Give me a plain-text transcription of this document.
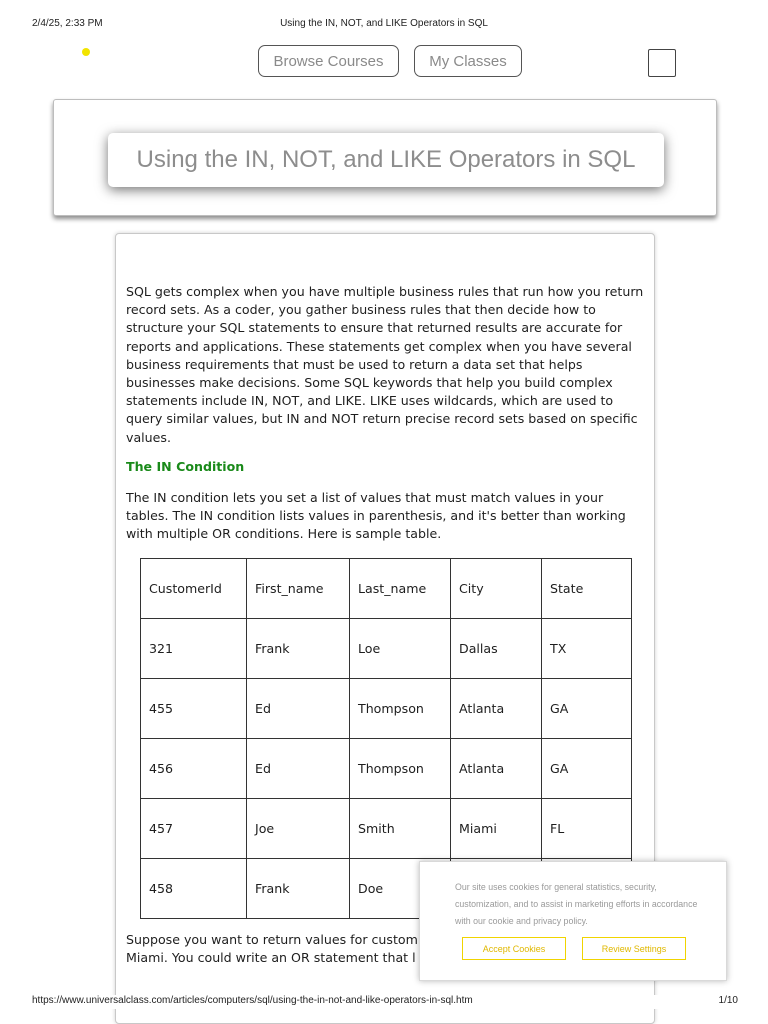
2/4/25, 2:33 PM	Using the IN, NOT, and LIKE Operators in SQL
Browse Courses	My Classes
Using the IN, NOT, and LIKE Operators in SQL

SQL gets complex when you have multiple business rules that run how you return record sets. As a coder, you gather business rules that then decide how to structure your SQL statements to ensure that returned results are accurate for reports and applications. These statements get complex when you have several business requirements that must be used to return a data set that helps businesses make decisions. Some SQL keywords that help you build complex statements include IN, NOT, and LIKE. LIKE uses wildcards, which are used to query similar values, but IN and NOT return precise record sets based on specific values.

The IN Condition

The IN condition lets you set a list of values that must match values in your tables. The IN condition lists values in parenthesis, and it's better than working with multiple OR conditions. Here is sample table.

CustomerId	First_name	Last_name	City	State
321	Frank	Loe	Dallas	TX
455	Ed	Thompson	Atlanta	GA
456	Ed	Thompson	Atlanta	GA
457	Joe	Smith	Miami	FL
458	Frank	Doe		
Suppose you want to return values for custom
Miami. You could write an OR statement that l

Our site uses cookies for general statistics, security, customization, and to assist in marketing efforts in accordance with our cookie and privacy policy.

Accept Cookies	Review Settings
https://www.universalclass.com/articles/computers/sql/using-the-in-not-and-like-operators-in-sql.htm	1/10
